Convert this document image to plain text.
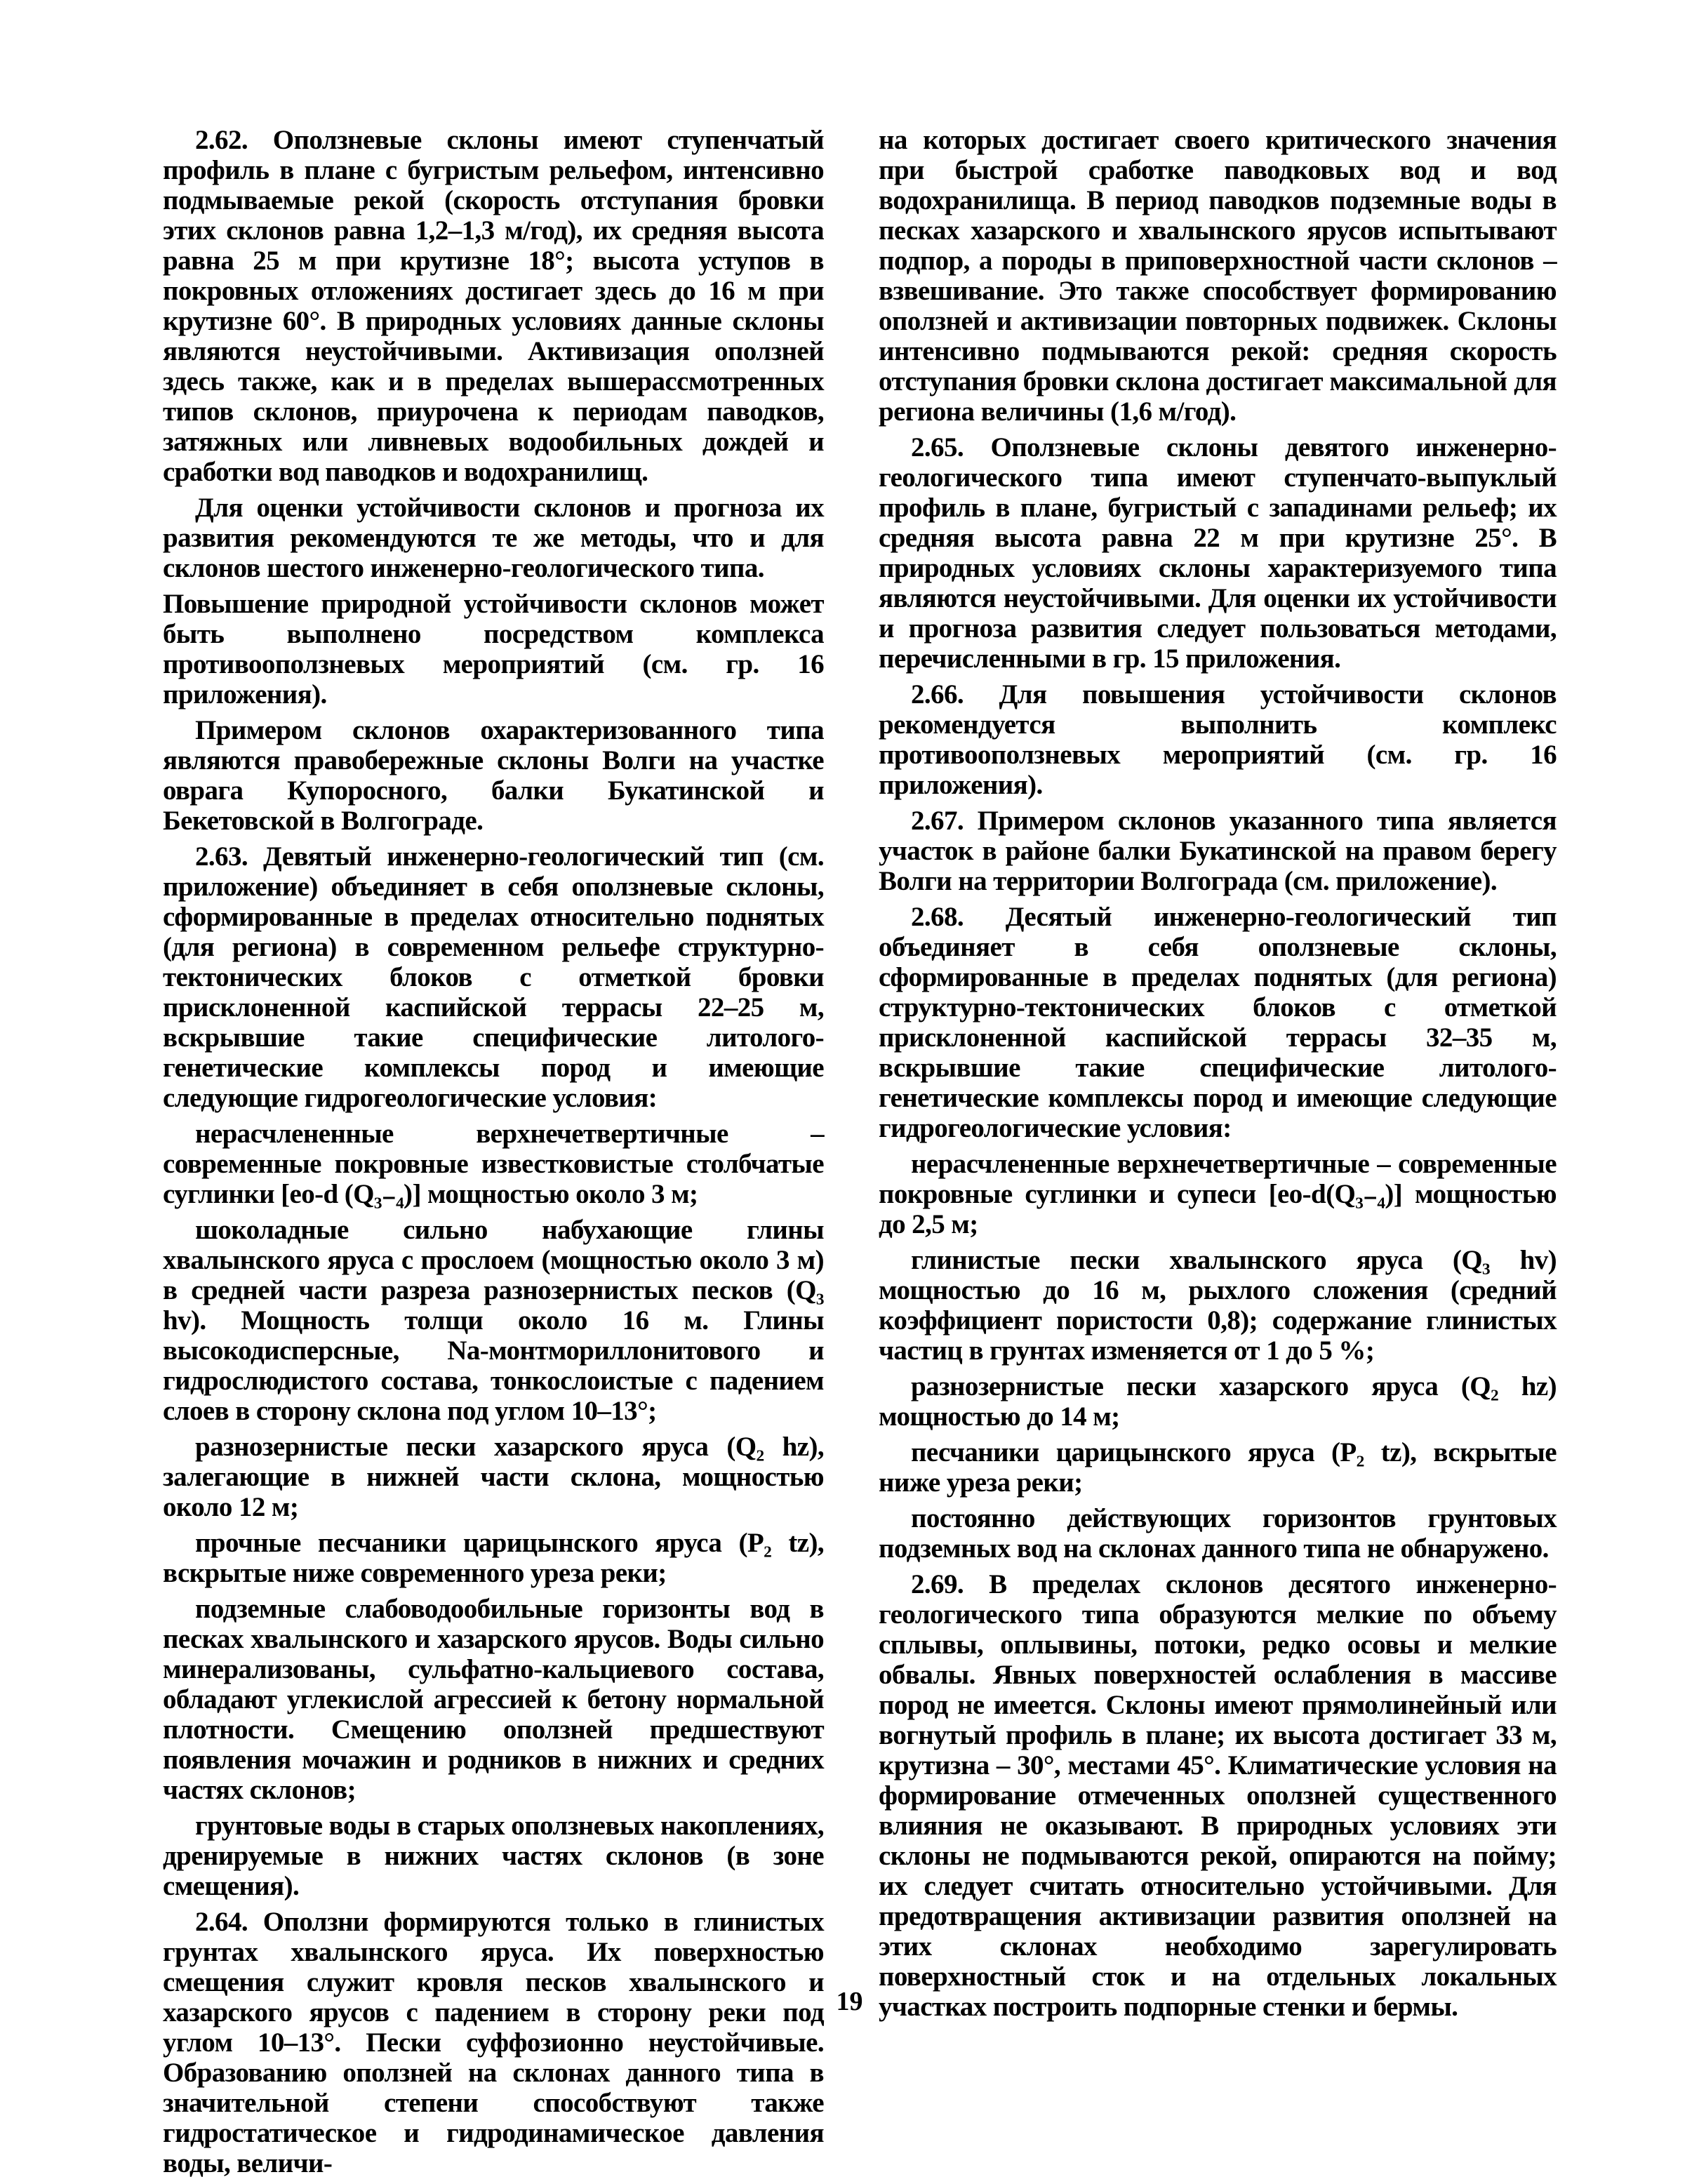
2.62. Оползневые склоны имеют ступенчатый профиль в плане с бугристым рельефом, интенсивно подмываемые рекой (скорость отступания бровки этих склонов равна 1,2–1,3 м/год), их средняя высота равна 25 м при крутизне 18°; высота уступов в покровных отложениях достигает здесь до 16 м при крутизне 60°. В природных условиях данные склоны являются неустойчивыми. Активизация оползней здесь также, как и в пределах вышерассмотренных типов склонов, приурочена к периодам паводков, затяжных или ливневых водообильных дождей и сработки вод паводков и водохранилищ.

Для оценки устойчивости склонов и прогноза их развития рекомендуются те же методы, что и для склонов шестого инженерно-геологического типа.

Повышение природной устойчивости склонов может быть выполнено посредством комплекса противооползневых мероприятий (см. гр. 16 приложения).

Примером склонов охарактеризованного типа являются правобережные склоны Волги на участке оврага Купоросного, балки Букатинской и Бекетовской в Волгограде.

2.63. Девятый инженерно-геологический тип (см. приложение) объединяет в себя оползневые склоны, сформированные в пределах относительно поднятых (для региона) в современном рельефе структурно-тектонических блоков с отметкой бровки присклоненной каспийской террасы 22–25 м, вскрывшие такие специфические литолого-генетические комплексы пород и имеющие следующие гидрогеологические условия:

нерасчлененные верхнечетвертичные – современные покровные известковистые столбчатые суглинки [eo-d (Q₃₋₄)] мощностью около 3 м;

шоколадные сильно набухающие глины хвалынского яруса с прослоем (мощностью около 3 м) в средней части разреза разнозернистых песков (Q₃ hv). Мощность толщи около 16 м. Глины высокодисперсные, Na-монтмориллонитового и гидрослюдистого состава, тонкослоистые с падением слоев в сторону склона под углом 10–13°;

разнозернистые пески хазарского яруса (Q₂ hz), залегающие в нижней части склона, мощностью около 12 м;

прочные песчаники царицынского яруса (P₂ tz), вскрытые ниже современного уреза реки;

подземные слабоводообильные горизонты вод в песках хвалынского и хазарского ярусов. Воды сильно минерализованы, сульфатно-кальциевого состава, обладают углекислой агрессией к бетону нормальной плотности. Смещению оползней предшествуют появления мочажин и родников в нижних и средних частях склонов;

грунтовые воды в старых оползневых накоплениях, дренируемые в нижних частях склонов (в зоне смещения).

2.64. Оползни формируются только в глинистых грунтах хвалынского яруса. Их поверхностью смещения служит кровля песков хвалынского и хазарского ярусов с падением в сторону реки под углом 10–13°. Пески суффозионно неустойчивые. Образованию оползней на склонах данного типа в значительной степени способствуют также гидростатическое и гидродинамическое давления воды, величи-

на которых достигает своего критического значения при быстрой сработке паводковых вод и вод водохранилища. В период паводков подземные воды в песках хазарского и хвалынского ярусов испытывают подпор, а породы в приповерхностной части склонов – взвешивание. Это также способствует формированию оползней и активизации повторных подвижек. Склоны интенсивно подмываются рекой: средняя скорость отступания бровки склона достигает максимальной для региона величины (1,6 м/год).

2.65. Оползневые склоны девятого инженерно-геологического типа имеют ступенчато-выпуклый профиль в плане, бугристый с западинами рельеф; их средняя высота равна 22 м при крутизне 25°. В природных условиях склоны характеризуемого типа являются неустойчивыми. Для оценки их устойчивости и прогноза развития следует пользоваться методами, перечисленными в гр. 15 приложения.

2.66. Для повышения устойчивости склонов рекомендуется выполнить комплекс противооползневых мероприятий (см. гр. 16 приложения).

2.67. Примером склонов указанного типа является участок в районе балки Букатинской на правом берегу Волги на территории Волгограда (см. приложение).

2.68. Десятый инженерно-геологический тип объединяет в себя оползневые склоны, сформированные в пределах поднятых (для региона) структурно-тектонических блоков с отметкой присклоненной каспийской террасы 32–35 м, вскрывшие такие специфические литолого-генетические комплексы пород и имеющие следующие гидрогеологические условия:

нерасчлененные верхнечетвертичные – современные покровные суглинки и супеси [eo-d(Q₃₋₄)] мощностью до 2,5 м;

глинистые пески хвалынского яруса (Q₃ hv) мощностью до 16 м, рыхлого сложения (средний коэффициент пористости 0,8); содержание глинистых частиц в грунтах изменяется от 1 до 5 %;

разнозернистые пески хазарского яруса (Q₂ hz) мощностью до 14 м;

песчаники царицынского яруса (P₂ tz), вскрытые ниже уреза реки;

постоянно действующих горизонтов грунтовых подземных вод на склонах данного типа не обнаружено.

2.69. В пределах склонов десятого инженерно-геологического типа образуются мелкие по объему сплывы, оплывины, потоки, редко осовы и мелкие обвалы. Явных поверхностей ослабления в массиве пород не имеется. Склоны имеют прямолинейный или вогнутый профиль в плане; их высота достигает 33 м, крутизна – 30°, местами 45°. Климатические условия на формирование отмеченных оползней существенного влияния не оказывают. В природных условиях эти склоны не подмываются рекой, опираются на пойму; их следует считать относительно устойчивыми. Для предотвращения активизации развития оползней на этих склонах необходимо зарегулировать поверхностный сток и на отдельных локальных участках построить подпорные стенки и бермы.

19
